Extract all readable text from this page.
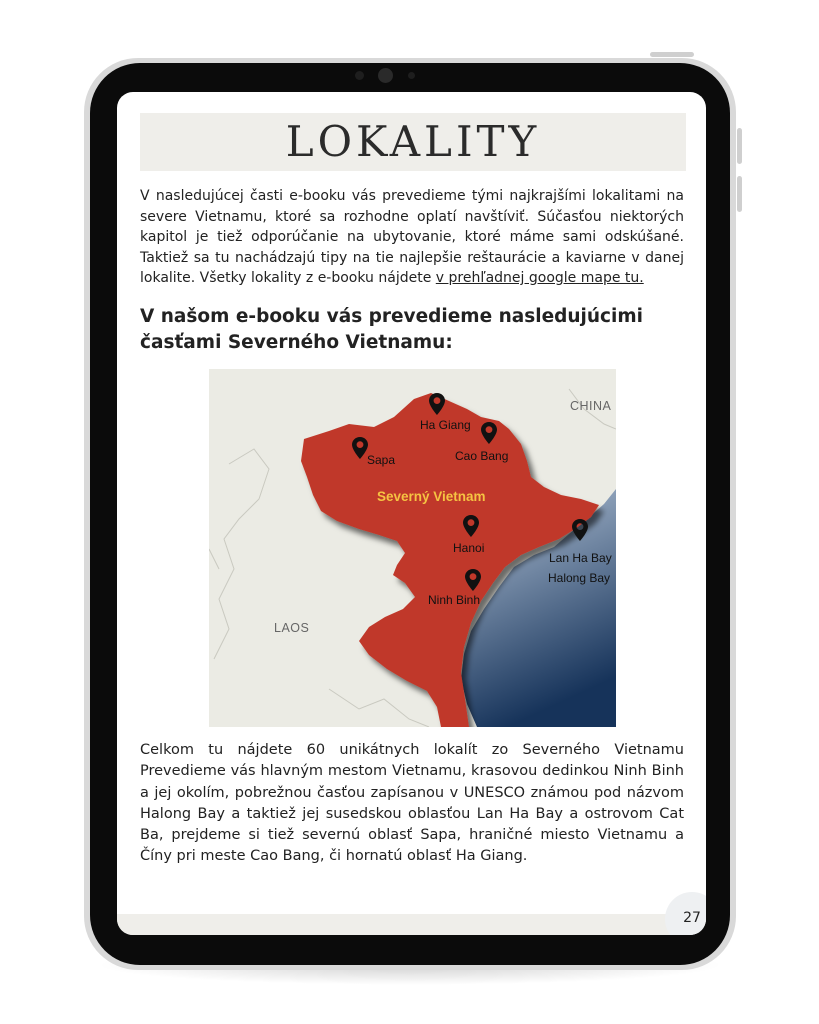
LOKALITY
V nasledujúcej časti e-booku vás prevedieme tými najkrajšími lokalitami na severe Vietnamu, ktoré sa rozhodne oplatí navštíviť. Súčasťou niektorých kapitol je tiež odporúčanie na ubytovanie, ktoré máme sami odskúšané. Taktiež sa tu nachádzajú tipy na tie najlepšie reštaurácie a kaviarne v danej lokalite. Všetky lokality z e-booku nájdete v prehľadnej google mape tu.
V našom e-booku vás prevedieme nasledujúcimi časťami Severného Vietnamu:
CHINA
LAOS
Severný Vietnam
Ha Giang
Cao Bang
Sapa
Hanoi
Lan Ha Bay
Halong Bay
Ninh Binh
Celkom tu nájdete 60 unikátnych lokalít zo Severného Vietnamu Prevedieme vás hlavným mestom Vietnamu, krasovou dedinkou Ninh Binh a jej okolím, pobrežnou časťou zapísanou v UNESCO známou pod názvom Halong Bay a taktiež jej susedskou oblasťou Lan Ha Bay a ostrovom Cat Ba, prejdeme si tiež severnú oblasť Sapa, hraničné miesto Vietnamu a Číny pri meste Cao Bang, či hornatú oblasť Ha Giang.
27
